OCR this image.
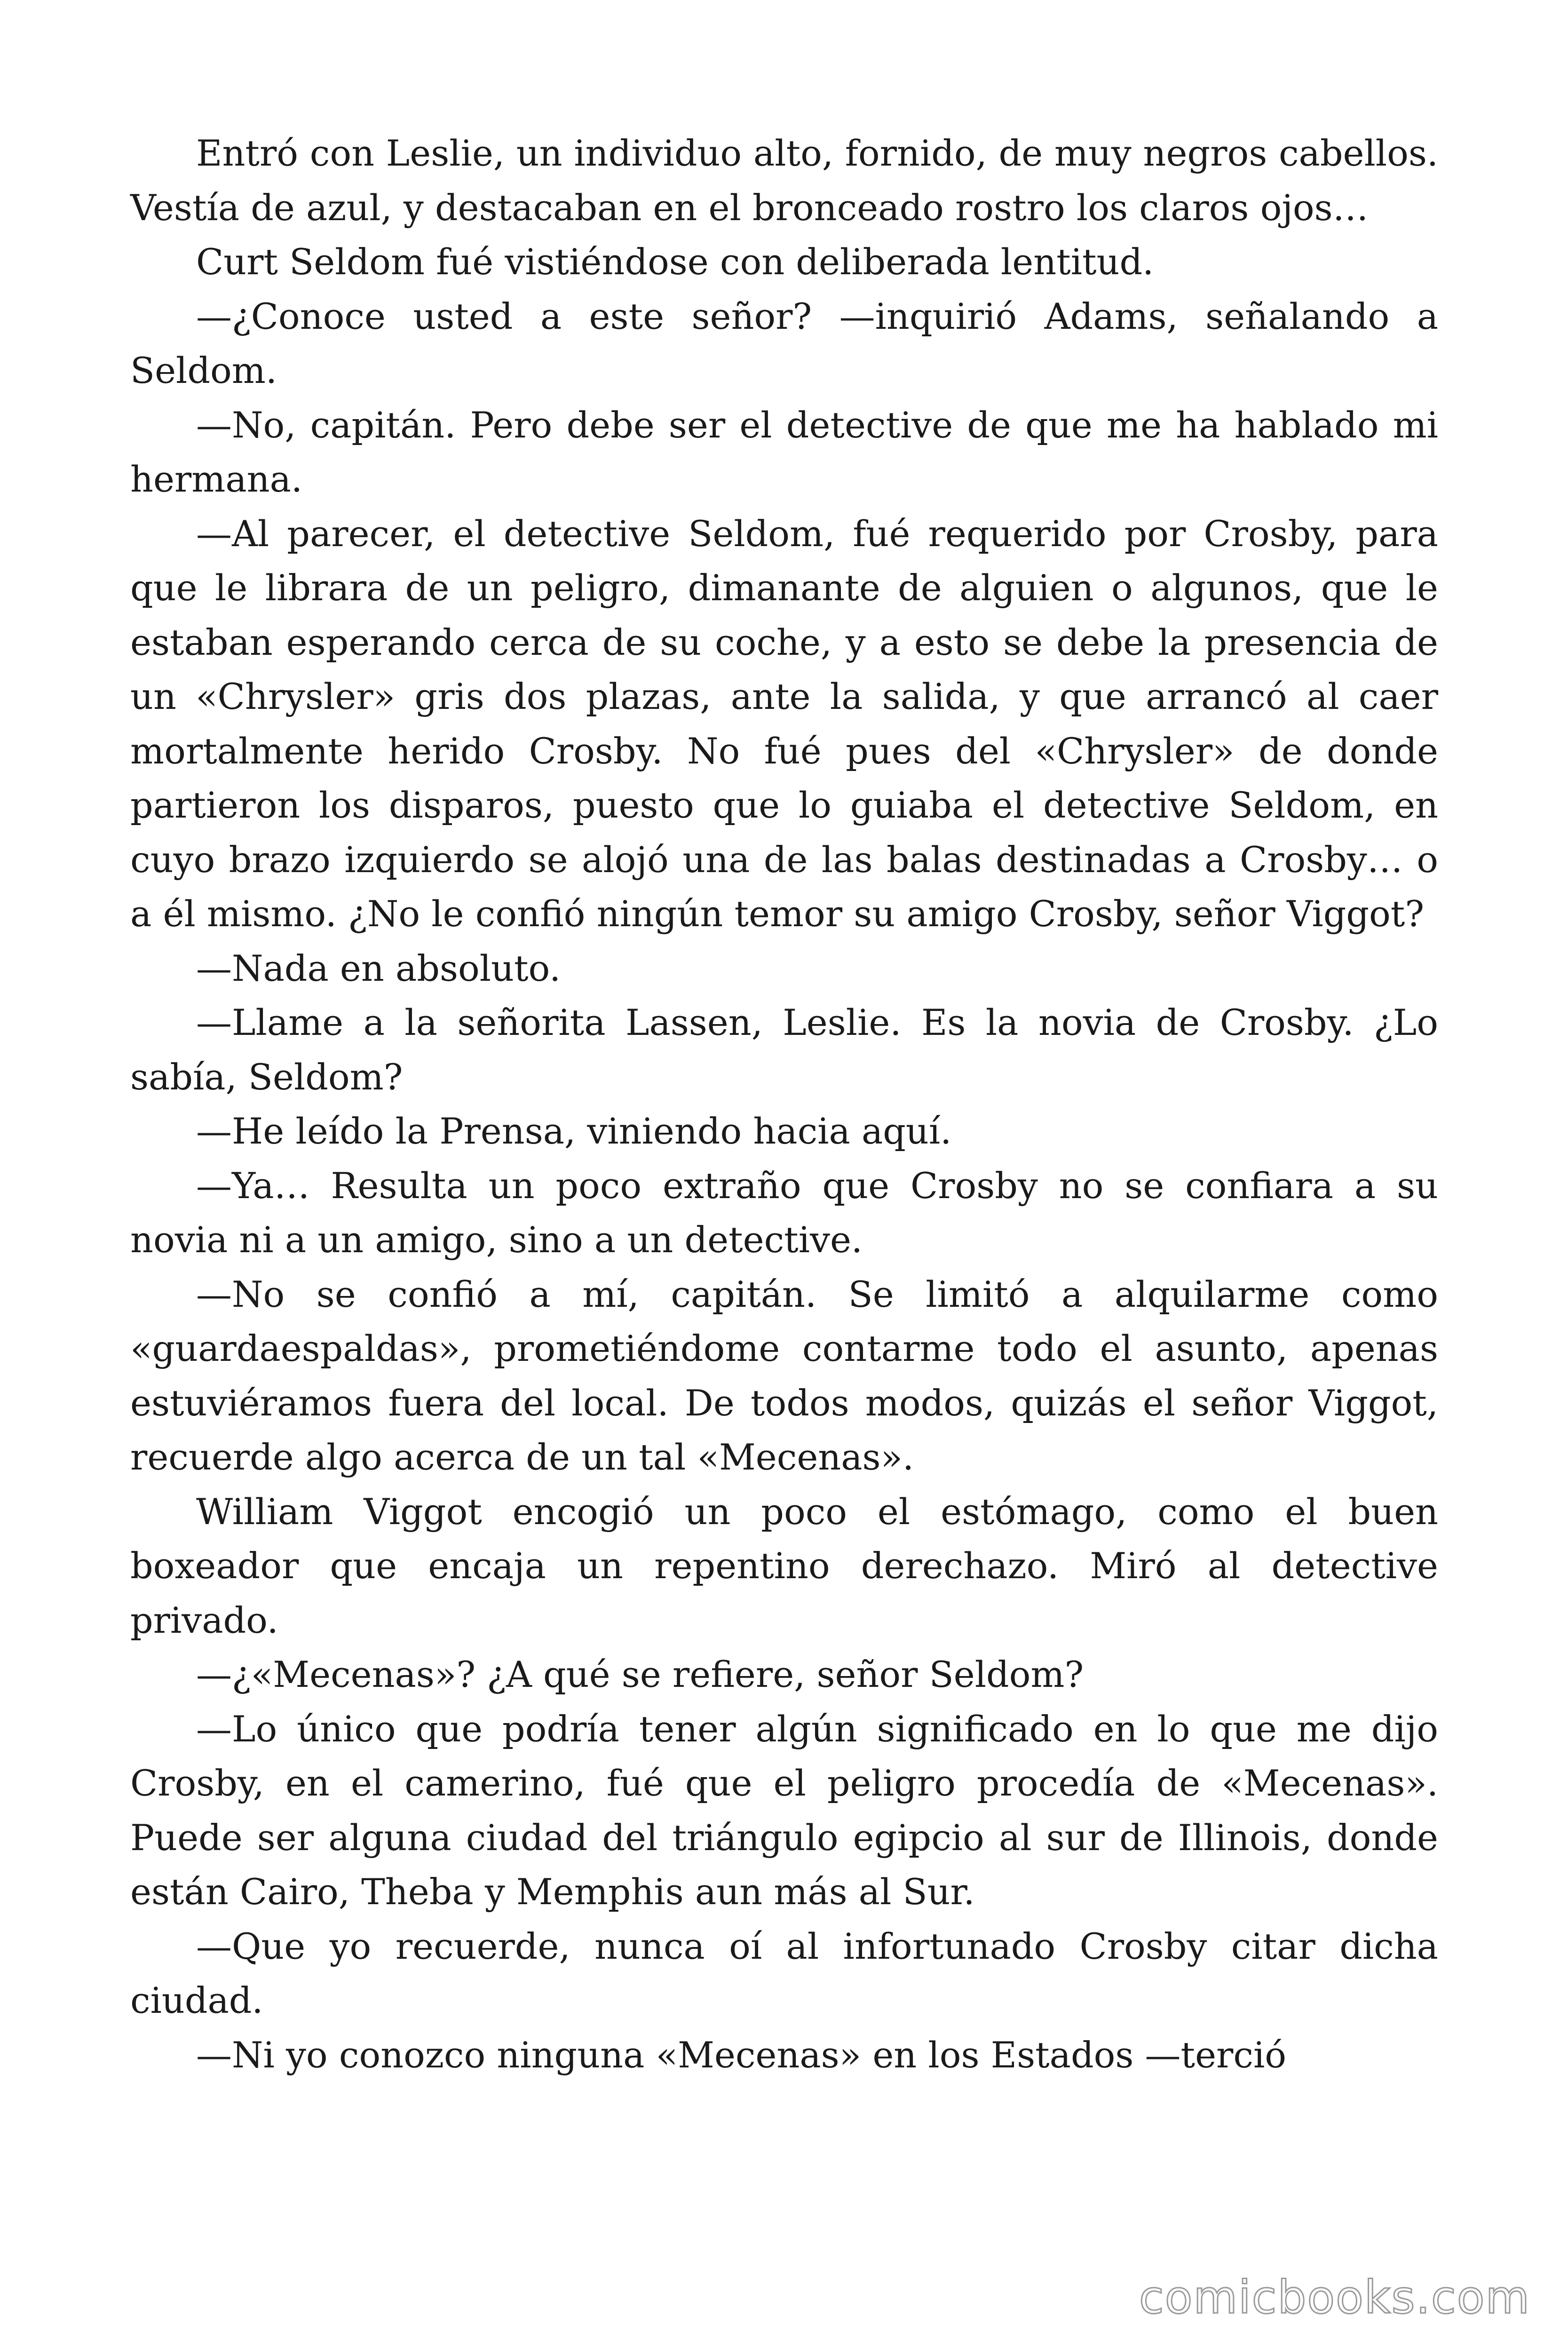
Entró con Leslie, un individuo alto, fornido, de muy negros cabellos. Vestía de azul, y destacaban en el bronceado rostro los claros ojos…

Curt Seldom fué vistiéndose con deliberada lentitud.

—¿Conoce usted a este señor? —inquirió Adams, señalando a Seldom.

—No, capitán. Pero debe ser el detective de que me ha hablado mi hermana.

—Al parecer, el detective Seldom, fué requerido por Crosby, para que le librara de un peligro, dimanante de alguien o algunos, que le estaban esperando cerca de su coche, y a esto se debe la presencia de un «Chrysler» gris dos plazas, ante la salida, y que arrancó al caer mortalmente herido Crosby. No fué pues del «Chrysler» de donde partieron los disparos, puesto que lo guiaba el detective Seldom, en cuyo brazo izquierdo se alojó una de las balas destinadas a Crosby… o a él mismo. ¿No le confió ningún temor su amigo Crosby, señor Viggot?

—Nada en absoluto.

—Llame a la señorita Lassen, Leslie. Es la novia de Crosby. ¿Lo sabía, Seldom?

—He leído la Prensa, viniendo hacia aquí.

—Ya… Resulta un poco extraño que Crosby no se confiara a su novia ni a un amigo, sino a un detective.

—No se confió a mí, capitán. Se limitó a alquilarme como «guardaespaldas», prometiéndome contarme todo el asunto, apenas estuviéramos fuera del local. De todos modos, quizás el señor Viggot, recuerde algo acerca de un tal «Mecenas».

William Viggot encogió un poco el estómago, como el buen boxeador que encaja un repentino derechazo. Miró al detective privado.

—¿«Mecenas»? ¿A qué se refiere, señor Seldom?

—Lo único que podría tener algún significado en lo que me dijo Crosby, en el camerino, fué que el peligro procedía de «Mecenas». Puede ser alguna ciudad del triángulo egipcio al sur de Illinois, donde están Cairo, Theba y Memphis aun más al Sur.

—Que yo recuerde, nunca oí al infortunado Crosby citar dicha ciudad.

—Ni yo conozco ninguna «Mecenas» en los Estados —terció

comicbooks.com
